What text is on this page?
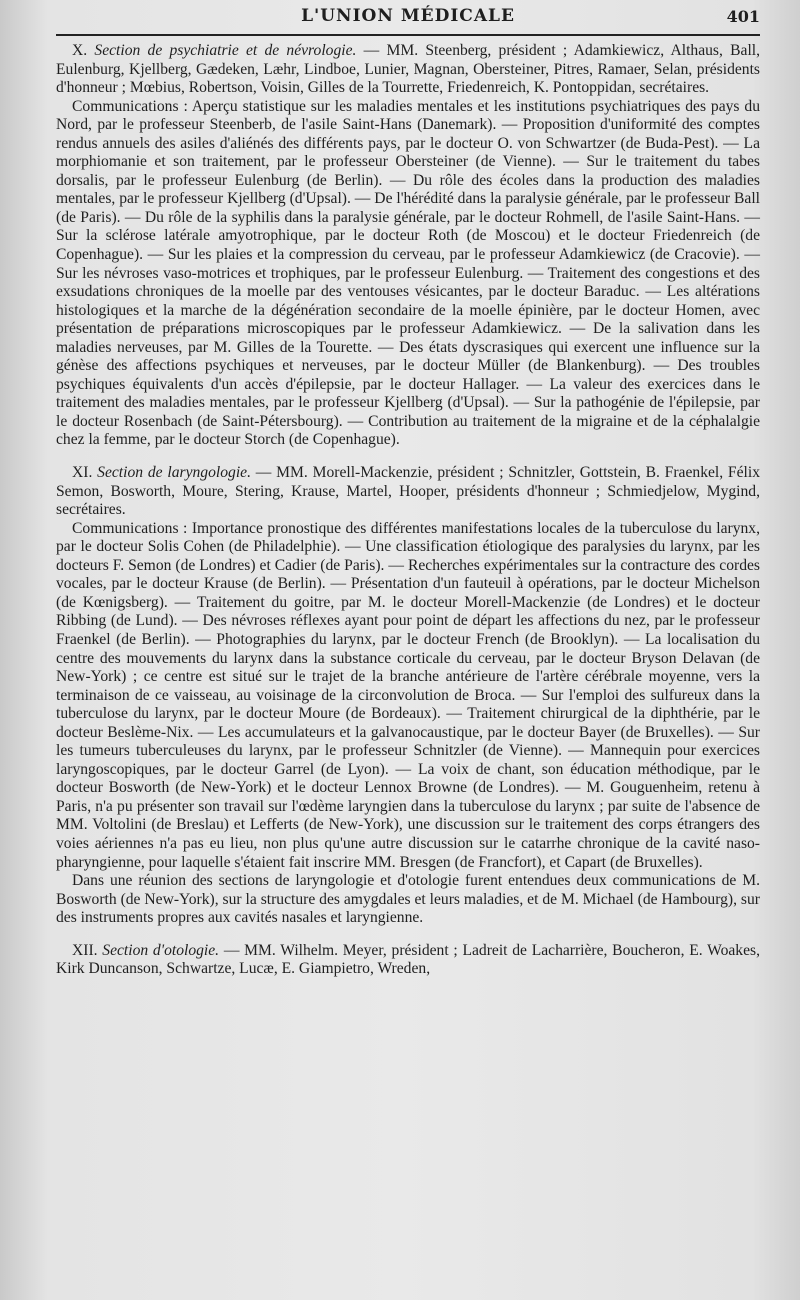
L'UNION MÉDICALE	401

X. Section de psychiatrie et de névrologie. — MM. Steenberg, président ; Adamkiewicz, Althaus, Ball, Eulenburg, Kjellberg, Gædeken, Læhr, Lindboe, Lunier, Magnan, Obersteiner, Pitres, Ramaer, Selan, présidents d'honneur ; Mœbius, Robertson, Voisin, Gilles de la Tourrette, Friedenreich, K. Pontoppidan, secrétaires.

Communications : Aperçu statistique sur les maladies mentales et les institutions psychiatriques des pays du Nord, par le professeur Steenberb, de l'asile Saint-Hans (Danemark). — Proposition d'uniformité des comptes rendus annuels des asiles d'aliénés des différents pays, par le docteur O. von Schwartzer (de Buda-Pest). — La morphiomanie et son traitement, par le professeur Obersteiner (de Vienne). — Sur le traitement du tabes dorsalis, par le professeur Eulenburg (de Berlin). — Du rôle des écoles dans la production des maladies mentales, par le professeur Kjellberg (d'Upsal). — De l'hérédité dans la paralysie générale, par le professeur Ball (de Paris). — Du rôle de la syphilis dans la paralysie générale, par le docteur Rohmell, de l'asile Saint-Hans. — Sur la sclérose latérale amyotrophique, par le docteur Roth (de Moscou) et le docteur Friedenreich (de Copenhague). — Sur les plaies et la compression du cerveau, par le professeur Adamkiewicz (de Cracovie). — Sur les névroses vaso-motrices et trophiques, par le professeur Eulenburg. — Traitement des congestions et des exsudations chroniques de la moelle par des ventouses vésicantes, par le docteur Baraduc. — Les altérations histologiques et la marche de la dégénération secondaire de la moelle épinière, par le docteur Homen, avec présentation de préparations microscopiques par le professeur Adamkiewicz. — De la salivation dans les maladies nerveuses, par M. Gilles de la Tourette. — Des états dyscrasiques qui exercent une influence sur la génèse des affections psychiques et nerveuses, par le docteur Müller (de Blankenburg). — Des troubles psychiques équivalents d'un accès d'épilepsie, par le docteur Hallager. — La valeur des exercices dans le traitement des maladies mentales, par le professeur Kjellberg (d'Upsal). — Sur la pathogénie de l'épilepsie, par le docteur Rosenbach (de Saint-Pétersbourg). — Contribution au traitement de la migraine et de la céphalalgie chez la femme, par le docteur Storch (de Copenhague).

XI. Section de laryngologie. — MM. Morell-Mackenzie, président ; Schnitzler, Gottstein, B. Fraenkel, Félix Semon, Bosworth, Moure, Stering, Krause, Martel, Hooper, présidents d'honneur ; Schmiedjelow, Mygind, secrétaires.

Communications : Importance pronostique des différentes manifestations locales de la tuberculose du larynx, par le docteur Solis Cohen (de Philadelphie). — Une classification étiologique des paralysies du larynx, par les docteurs F. Semon (de Londres) et Cadier (de Paris). — Recherches expérimentales sur la contracture des cordes vocales, par le docteur Krause (de Berlin). — Présentation d'un fauteuil à opérations, par le docteur Michelson (de Kœnigsberg). — Traitement du goitre, par M. le docteur Morell-Mackenzie (de Londres) et le docteur Ribbing (de Lund). — Des névroses réflexes ayant pour point de départ les affections du nez, par le professeur Fraenkel (de Berlin). — Photographies du larynx, par le docteur French (de Brooklyn). — La localisation du centre des mouvements du larynx dans la substance corticale du cerveau, par le docteur Bryson Delavan (de New-York) ; ce centre est situé sur le trajet de la branche antérieure de l'artère cérébrale moyenne, vers la terminaison de ce vaisseau, au voisinage de la circonvolution de Broca. — Sur l'emploi des sulfureux dans la tuberculose du larynx, par le docteur Moure (de Bordeaux). — Traitement chirurgical de la diphthérie, par le docteur Beslème-Nix. — Les accumulateurs et la galvanocaustique, par le docteur Bayer (de Bruxelles). — Sur les tumeurs tuberculeuses du larynx, par le professeur Schnitzler (de Vienne). — Mannequin pour exercices laryngoscopiques, par le docteur Garrel (de Lyon). — La voix de chant, son éducation méthodique, par le docteur Bosworth (de New-York) et le docteur Lennox Browne (de Londres). — M. Gouguenheim, retenu à Paris, n'a pu présenter son travail sur l'œdème laryngien dans la tuberculose du larynx ; par suite de l'absence de MM. Voltolini (de Breslau) et Lefferts (de New-York), une discussion sur le traitement des corps étrangers des voies aériennes n'a pas eu lieu, non plus qu'une autre discussion sur le catarrhe chronique de la cavité naso-pharyngienne, pour laquelle s'étaient fait inscrire MM. Bresgen (de Francfort), et Capart (de Bruxelles).

Dans une réunion des sections de laryngologie et d'otologie furent entendues deux communications de M. Bosworth (de New-York), sur la structure des amygdales et leurs maladies, et de M. Michael (de Hambourg), sur des instruments propres aux cavités nasales et laryngienne.

XII. Section d'otologie. — MM. Wilhelm. Meyer, président ; Ladreit de Lacharrière, Boucheron, E. Woakes, Kirk Duncanson, Schwartze, Lucæ, E. Giampietro, Wreden,
